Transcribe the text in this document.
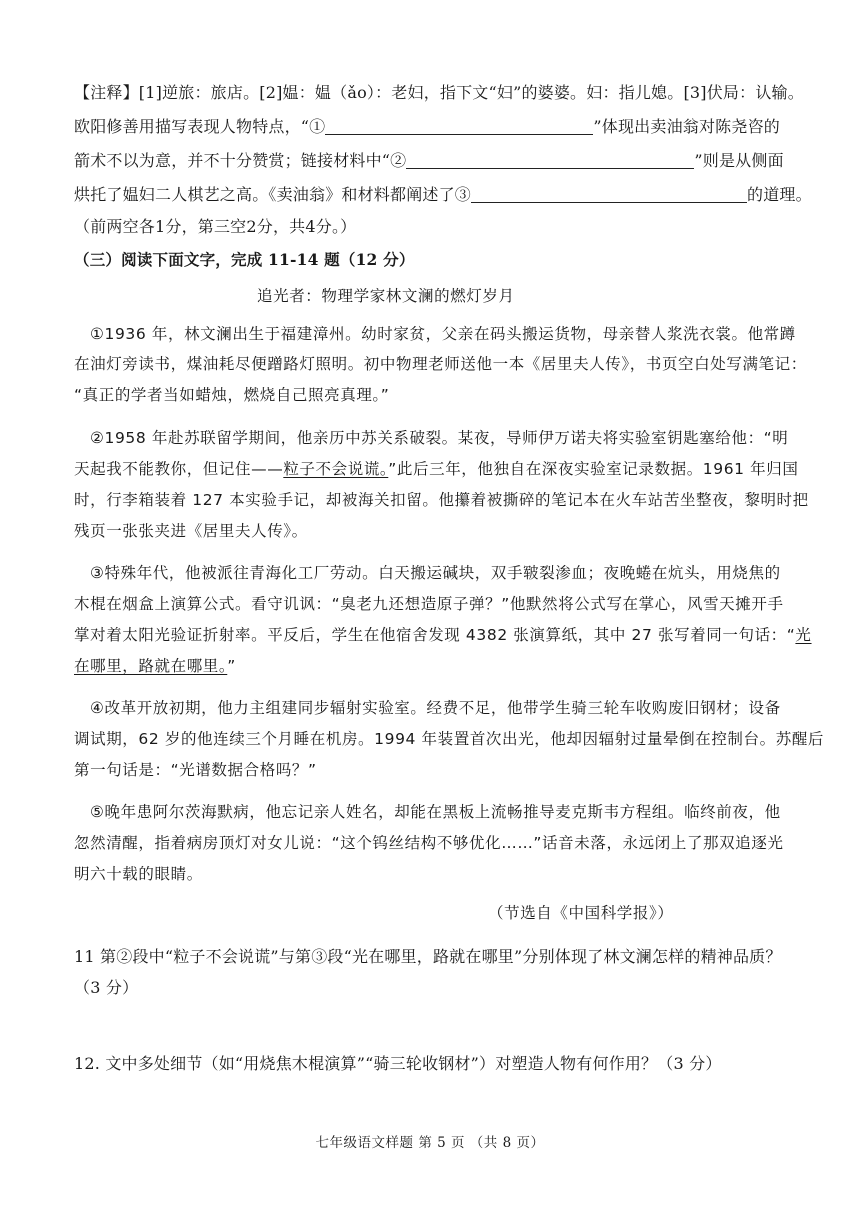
【注释】[1]逆旅：旅店。[2]媪：媪（ǎo）：老妇，指下文“妇”的婆婆。妇：指儿媳。[3]伏局：认输。
欧阳修善用描写表现人物特点，“①	”体现出卖油翁对陈尧咨的
箭术不以为意，并不十分赞赏；链接材料中“②	”则是从侧面
烘托了媪妇二人棋艺之高。《卖油翁》和材料都阐述了③	的道理。
（前两空各1分，第三空2分，共4分。）
（三）阅读下面文字，完成 11-14 题（12 分）
追光者：物理学家林文澜的燃灯岁月
①1936 年，林文澜出生于福建漳州。幼时家贫，父亲在码头搬运货物，母亲替人浆洗衣裳。他常蹲
在油灯旁读书，煤油耗尽便蹭路灯照明。初中物理老师送他一本《居里夫人传》，书页空白处写满笔记：
“真正的学者当如蜡烛，燃烧自己照亮真理。”
②1958 年赴苏联留学期间，他亲历中苏关系破裂。某夜，导师伊万诺夫将实验室钥匙塞给他：“明
天起我不能教你，但记住——粒子不会说谎。”此后三年，他独自在深夜实验室记录数据。1961 年归国
时，行李箱装着 127 本实验手记，却被海关扣留。他攥着被撕碎的笔记本在火车站苦坐整夜，黎明时把
残页一张张夹进《居里夫人传》。
③特殊年代，他被派往青海化工厂劳动。白天搬运碱块，双手皲裂渗血；夜晚蜷在炕头，用烧焦的
木棍在烟盒上演算公式。看守讥讽：“臭老九还想造原子弹？”他默然将公式写在掌心，风雪天摊开手
掌对着太阳光验证折射率。平反后，学生在他宿舍发现 4382 张演算纸，其中 27 张写着同一句话：“光
在哪里，路就在哪里。”
④改革开放初期，他力主组建同步辐射实验室。经费不足，他带学生骑三轮车收购废旧钢材；设备
调试期，62 岁的他连续三个月睡在机房。1994 年装置首次出光，他却因辐射过量晕倒在控制台。苏醒后
第一句话是：“光谱数据合格吗？”
⑤晚年患阿尔茨海默病，他忘记亲人姓名，却能在黑板上流畅推导麦克斯韦方程组。临终前夜，他
忽然清醒，指着病房顶灯对女儿说：“这个钨丝结构不够优化……”话音未落，永远闭上了那双追逐光
明六十载的眼睛。
（节选自《中国科学报》）
11 第②段中“粒子不会说谎”与第③段“光在哪里，路就在哪里”分别体现了林文澜怎样的精神品质？
（3 分）
12. 文中多处细节（如“用烧焦木棍演算”“骑三轮收钢材”）对塑造人物有何作用？（3 分）
七年级语文样题 第 5 页 （共 8 页）
